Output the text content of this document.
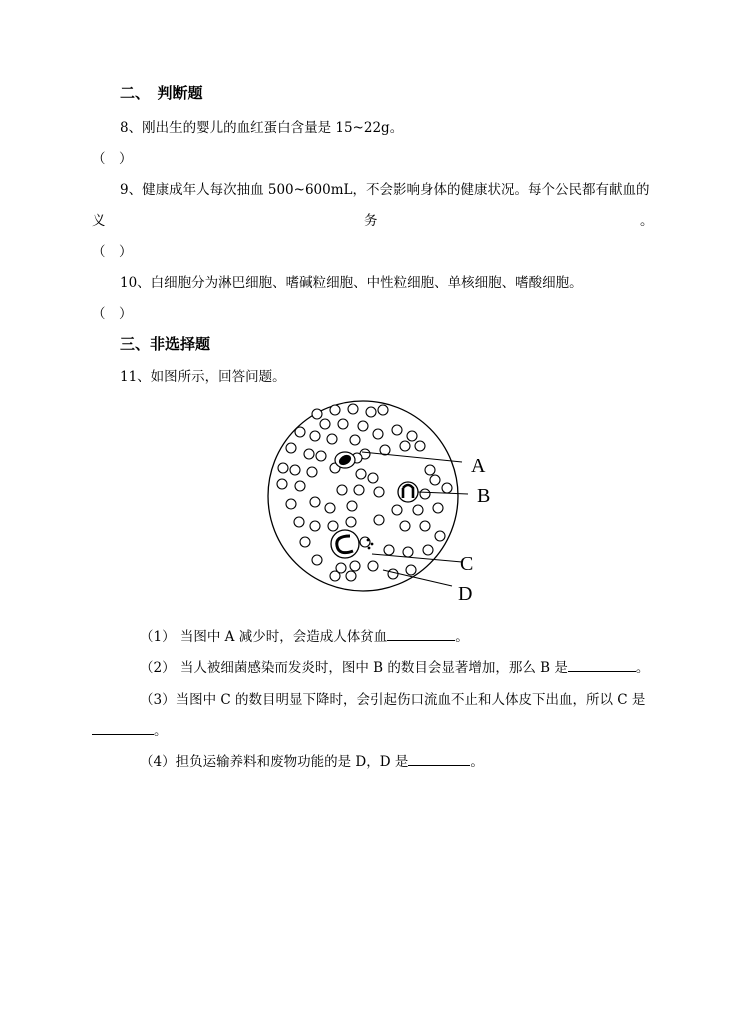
二、　判断题
8、刚出生的婴儿的血红蛋白含量是 15~22g。
（　）
9、健康成年人每次抽血 500~600mL，不会影响身体的健康状况。每个公民都有献血的
义	务	。
（　）
10、白细胞分为淋巴细胞、嗜碱粒细胞、中性粒细胞、单核细胞、嗜酸细胞。
（　）
三、非选择题
11、如图所示，回答问题。
A
B
C
D
（1） 当图中 A 减少时，会造成人体贫血	。
（2） 当人被细菌感染而发炎时，图中 B 的数目会显著增加，那么 B 是	。
（3）当图中 C 的数目明显下降时，会引起伤口流血不止和人体皮下出血，所以 C 是
。
（4）担负运输养料和废物功能的是 D，D 是	。
